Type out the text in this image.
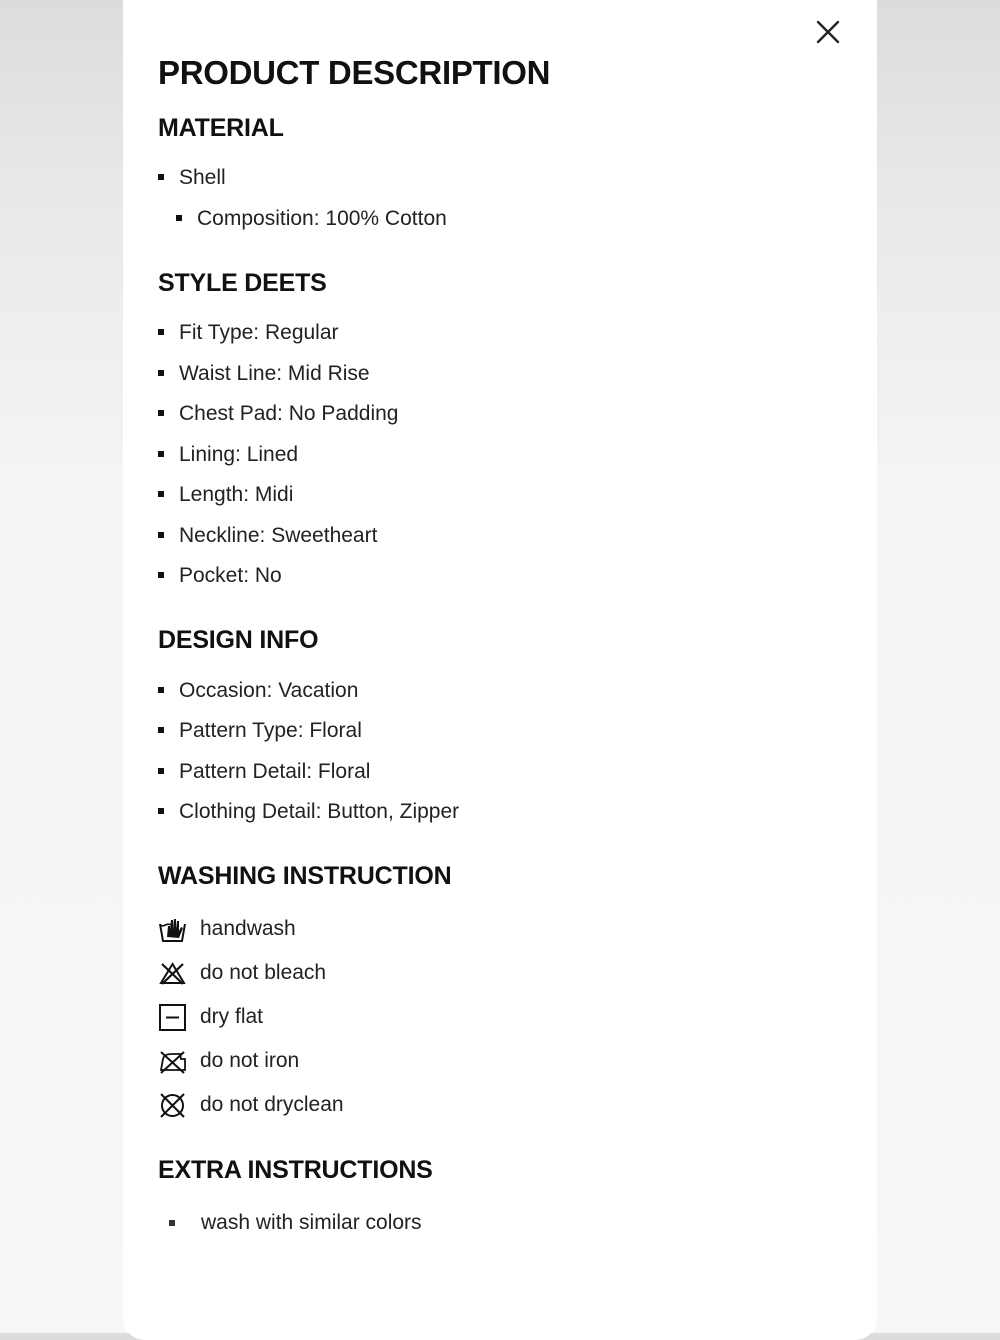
PRODUCT DESCRIPTION
MATERIAL
Shell
Composition: 100% Cotton
STYLE DEETS
Fit Type: Regular
Waist Line: Mid Rise
Chest Pad: No Padding
Lining: Lined
Length: Midi
Neckline: Sweetheart
Pocket: No
DESIGN INFO
Occasion: Vacation
Pattern Type: Floral
Pattern Detail: Floral
Clothing Detail: Button, Zipper
WASHING INSTRUCTION
handwash
do not bleach
dry flat
do not iron
do not dryclean
EXTRA INSTRUCTIONS
wash with similar colors
